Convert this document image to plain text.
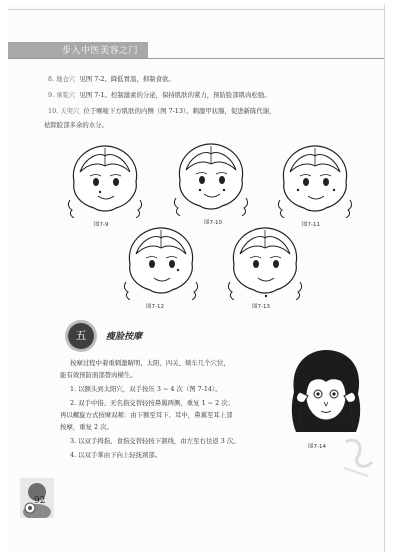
步入中医美容之门
8. 地仓穴 见图 7-2。降低胃温，抑制食欲。
9. 承浆穴 见图 7-1。控制激素的分泌，保持肌肤的紧力，预防脸部肌肉松弛。
10. 天突穴 位于喉咙下方肌肤的内侧（图 7-13）。刺激甲状腺，促进新陈代谢，
祛除脸部多余的水分。
图7-9	图7-10	图7-11
图7-12	图7-13
五	瘦脸按摩
按摩过程中着重刺激睛明、太阳、四关、颊车几个穴位，
能有效预防面部赘肉横生。
1. 以额头到太阳穴，双手按压 3 ~ 4 次（图 7-14）。
2. 双手中指、无名指交替轻按鼻翼两侧，重复 1 ~ 2 次；
再以螺旋方式按摩双颊：由下额至耳下、耳中，鼻翼至耳上部
按摩，重复 2 次。
3. 以双手拇指、食指交替轻按下颌线，由左至右往返 3 次。
4. 以双手掌由下向上轻抚颈部。
图7-14
92
